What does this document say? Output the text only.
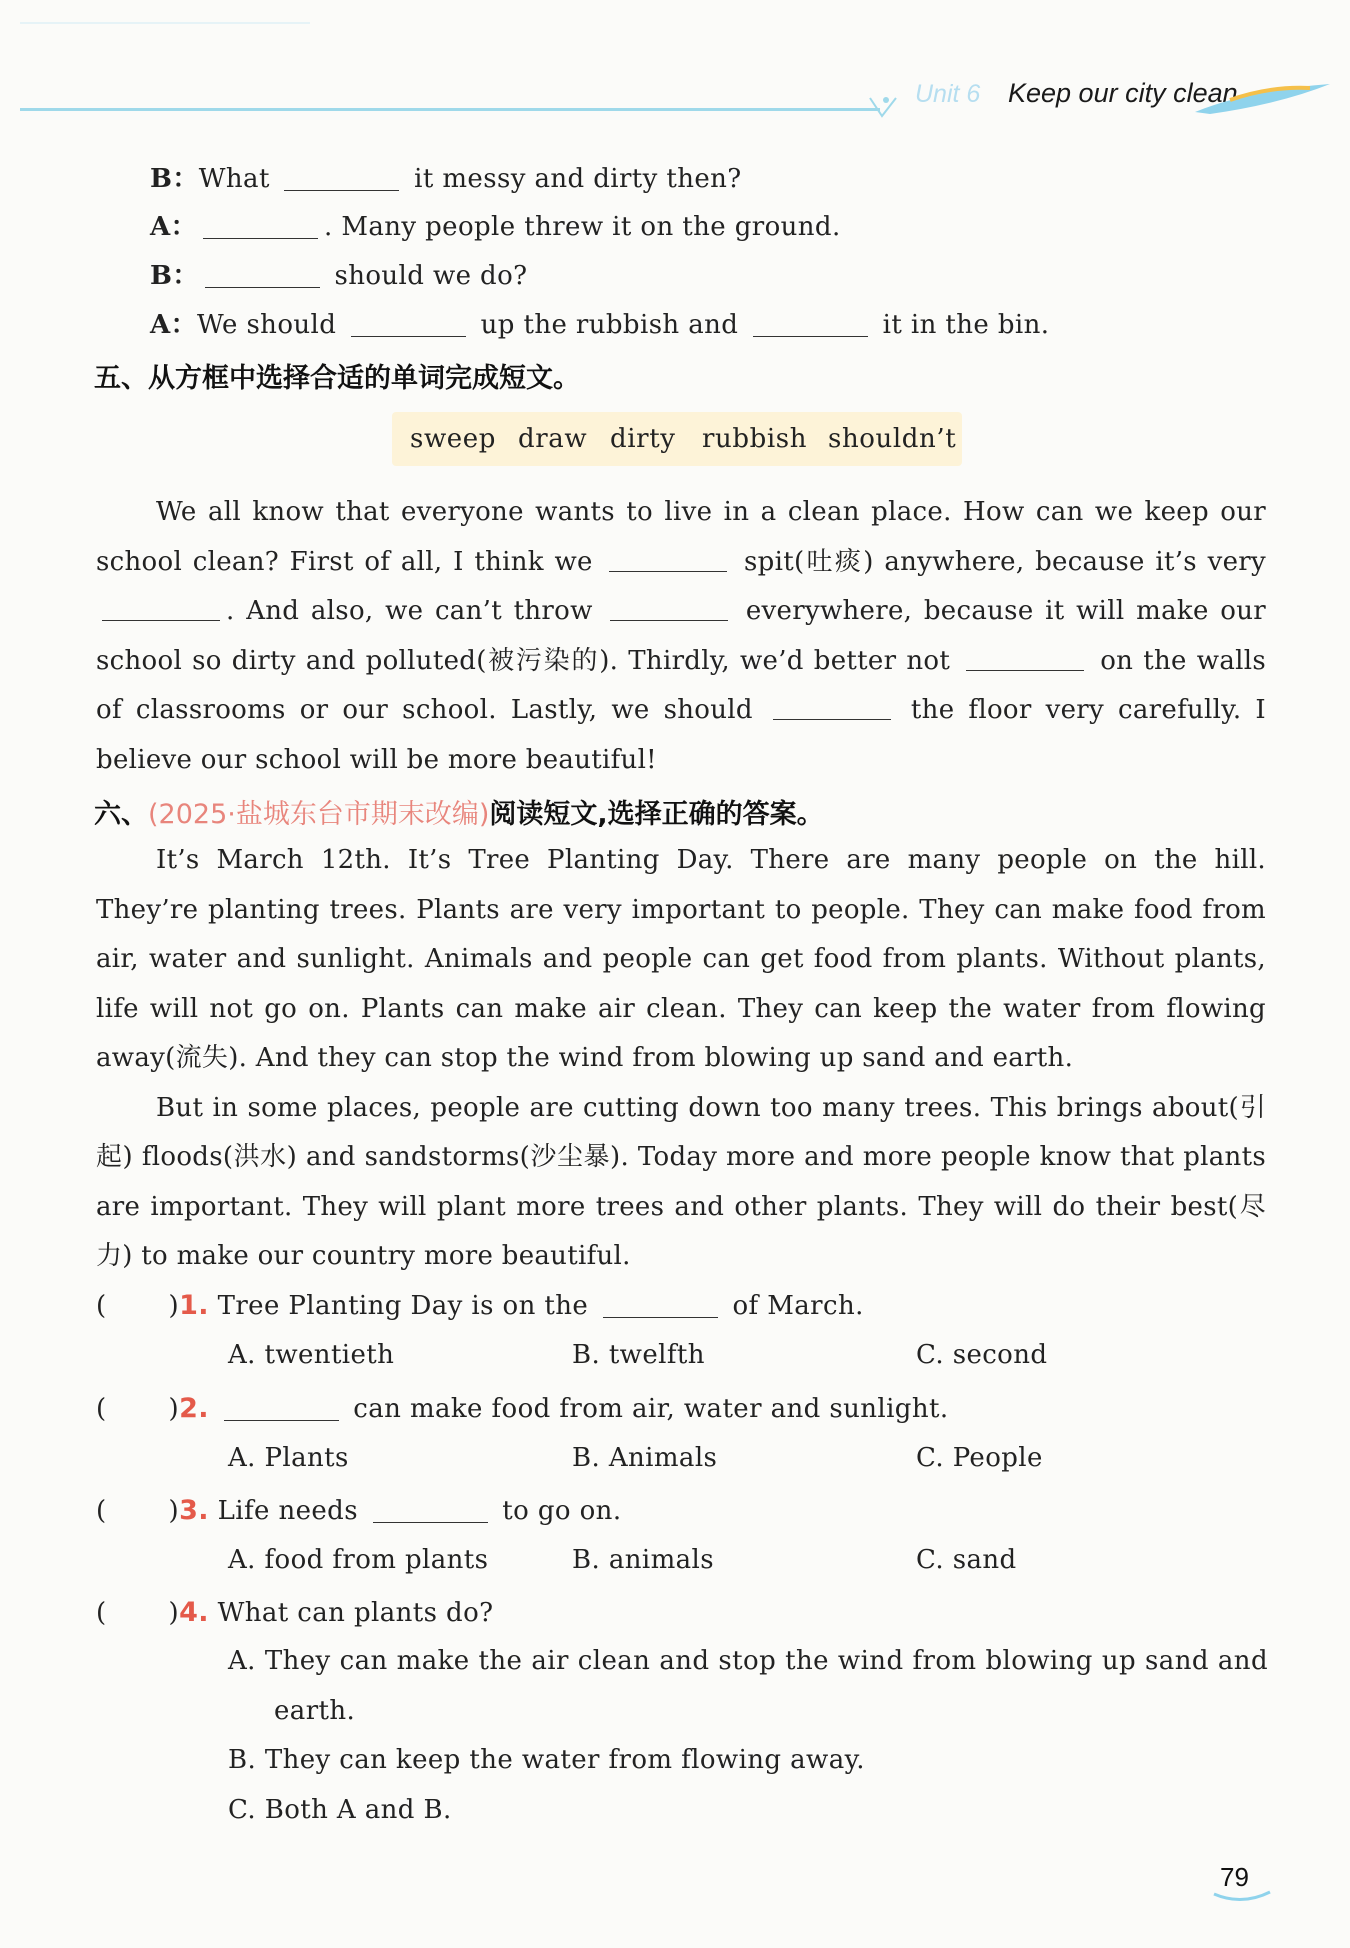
Unit 6 Keep our city clean
B：What	it messy and dirty then?
A：	. Many people threw it on the ground.
B：	should we do?
A：We should	up the rubbish and	it in the bin.
五、从方框中选择合适的单词完成短文。
sweep draw dirty rubbish shouldn’t

We all know that everyone wants to live in a clean place. How can we keep our school clean? First of all, I think we	spit(吐痰) anywhere, because it’s very . And also, we can’t throw	everywhere, because it will make our school so dirty and polluted(被污染的). Thirdly, we’d better not	on the walls of classrooms or our school. Lastly, we should	the floor very carefully. I believe our school will be more beautiful!

六、(2025·盐城东台市期末改编)阅读短文,选择正确的答案。

It’s March 12th. It’s Tree Planting Day. There are many people on the hill. They’re planting trees. Plants are very important to people. They can make food from air, water and sunlight. Animals and people can get food from plants. Without plants, life will not go on. Plants can make air clean. They can keep the water from flowing away(流失). And they can stop the wind from blowing up sand and earth.

But in some places, people are cutting down too many trees. This brings about(引起) floods(洪水) and sandstorms(沙尘暴). Today more and more people know that plants are important. They will plant more trees and other plants. They will do their best(尽力) to make our country more beautiful.

( )1. Tree Planting Day is on the	of March.
A. twentieth	B. twelfth	C. second
( )2.	can make food from air, water and sunlight.
A. Plants	B. Animals	C. People
( )3. Life needs	to go on.
A. food from plants	B. animals	C. sand
( )4. What can plants do?
A. They can make the air clean and stop the wind from blowing up sand and
earth.
B. They can keep the water from flowing away.
C. Both A and B.
79
